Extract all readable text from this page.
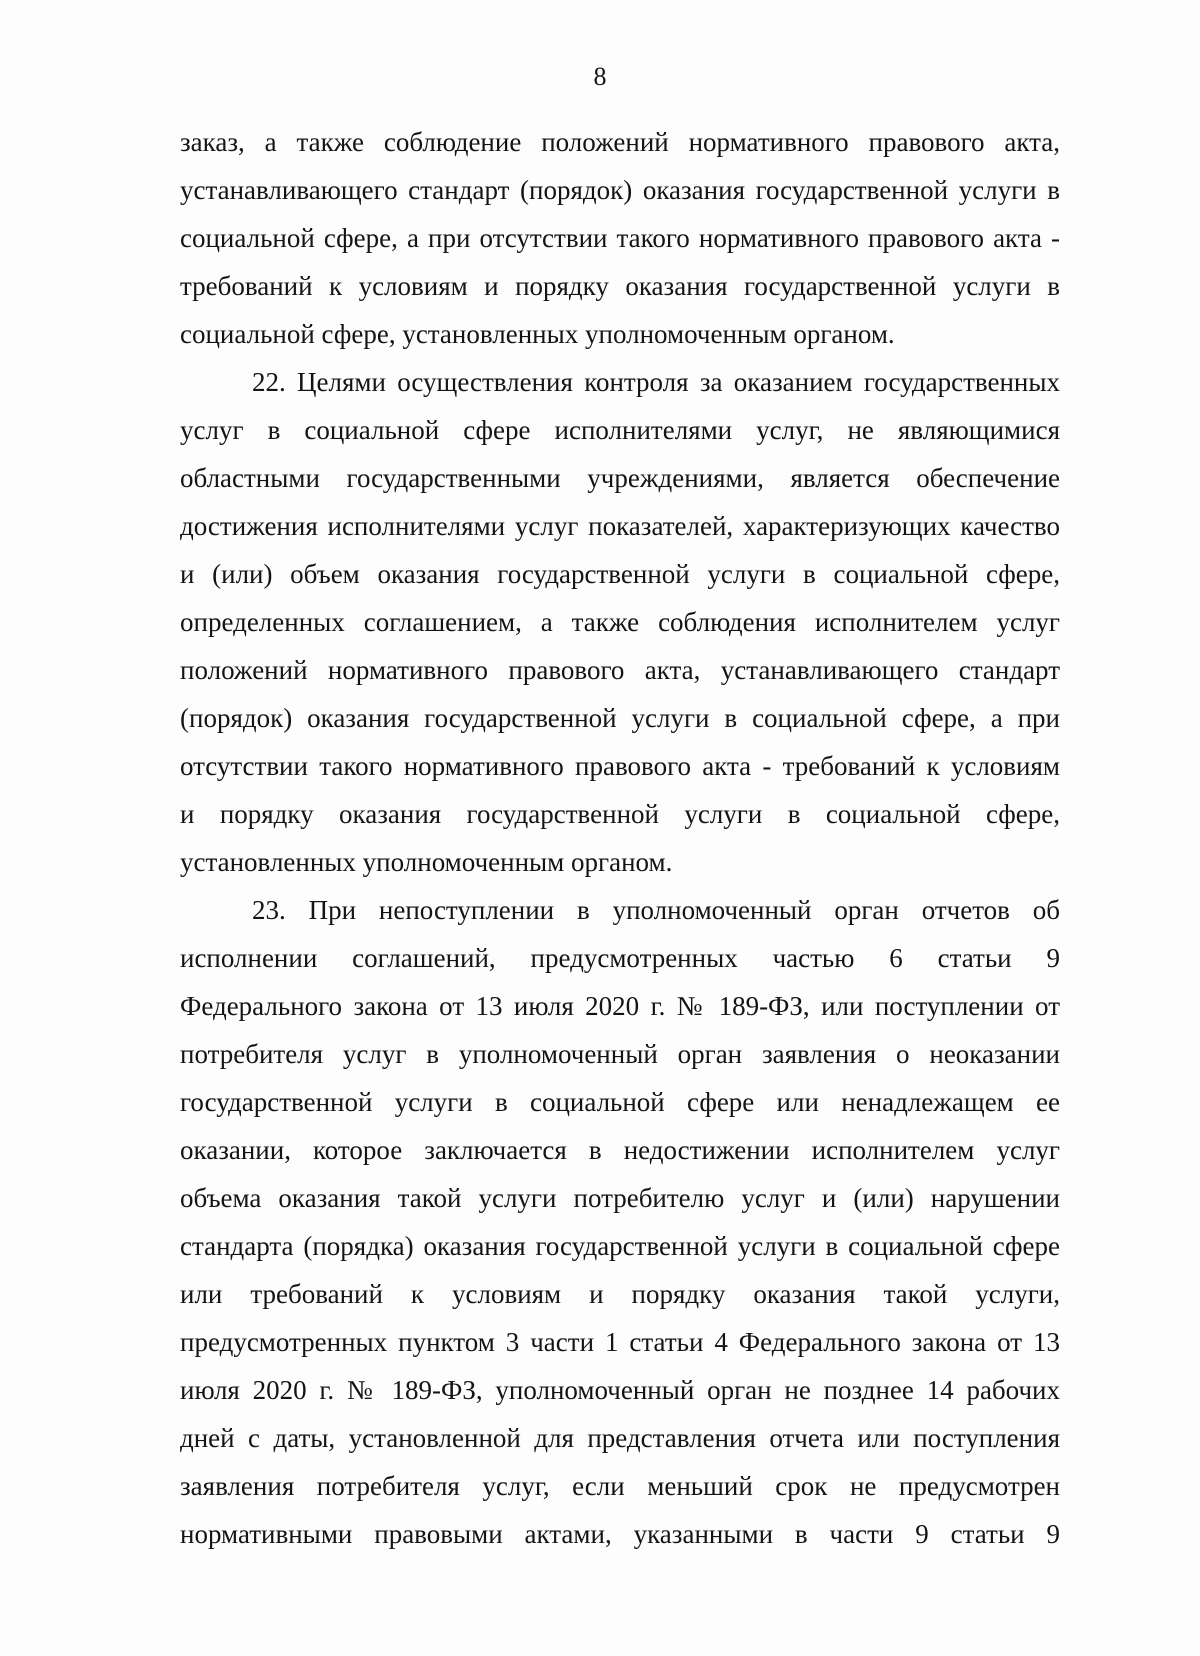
8
заказ, а также соблюдение положений нормативного правового акта,
устанавливающего стандарт (порядок) оказания государственной услуги в
социальной сфере, а при отсутствии такого нормативного правового акта -
требований к условиям и порядку оказания государственной услуги в
социальной сфере, установленных уполномоченным органом.
22. Целями осуществления контроля за оказанием государственных
услуг в социальной сфере исполнителями услуг, не являющимися
областными государственными учреждениями, является обеспечение
достижения исполнителями услуг показателей, характеризующих качество
и (или) объем оказания государственной услуги в социальной сфере,
определенных соглашением, а также соблюдения исполнителем услуг
положений нормативного правового акта, устанавливающего стандарт
(порядок) оказания государственной услуги в социальной сфере, а при
отсутствии такого нормативного правового акта - требований к условиям
и порядку оказания государственной услуги в социальной сфере,
установленных уполномоченным органом.
23. При непоступлении в уполномоченный орган отчетов об
исполнении соглашений, предусмотренных частью 6 статьи 9
Федерального закона от 13 июля 2020 г. № 189-ФЗ, или поступлении от
потребителя услуг в уполномоченный орган заявления о неоказании
государственной услуги в социальной сфере или ненадлежащем ее
оказании, которое заключается в недостижении исполнителем услуг
объема оказания такой услуги потребителю услуг и (или) нарушении
стандарта (порядка) оказания государственной услуги в социальной сфере
или требований к условиям и порядку оказания такой услуги,
предусмотренных пунктом 3 части 1 статьи 4 Федерального закона от 13
июля 2020 г. № 189-ФЗ, уполномоченный орган не позднее 14 рабочих
дней с даты, установленной для представления отчета или поступления
заявления потребителя услуг, если меньший срок не предусмотрен
нормативными правовыми актами, указанными в части 9 статьи 9
